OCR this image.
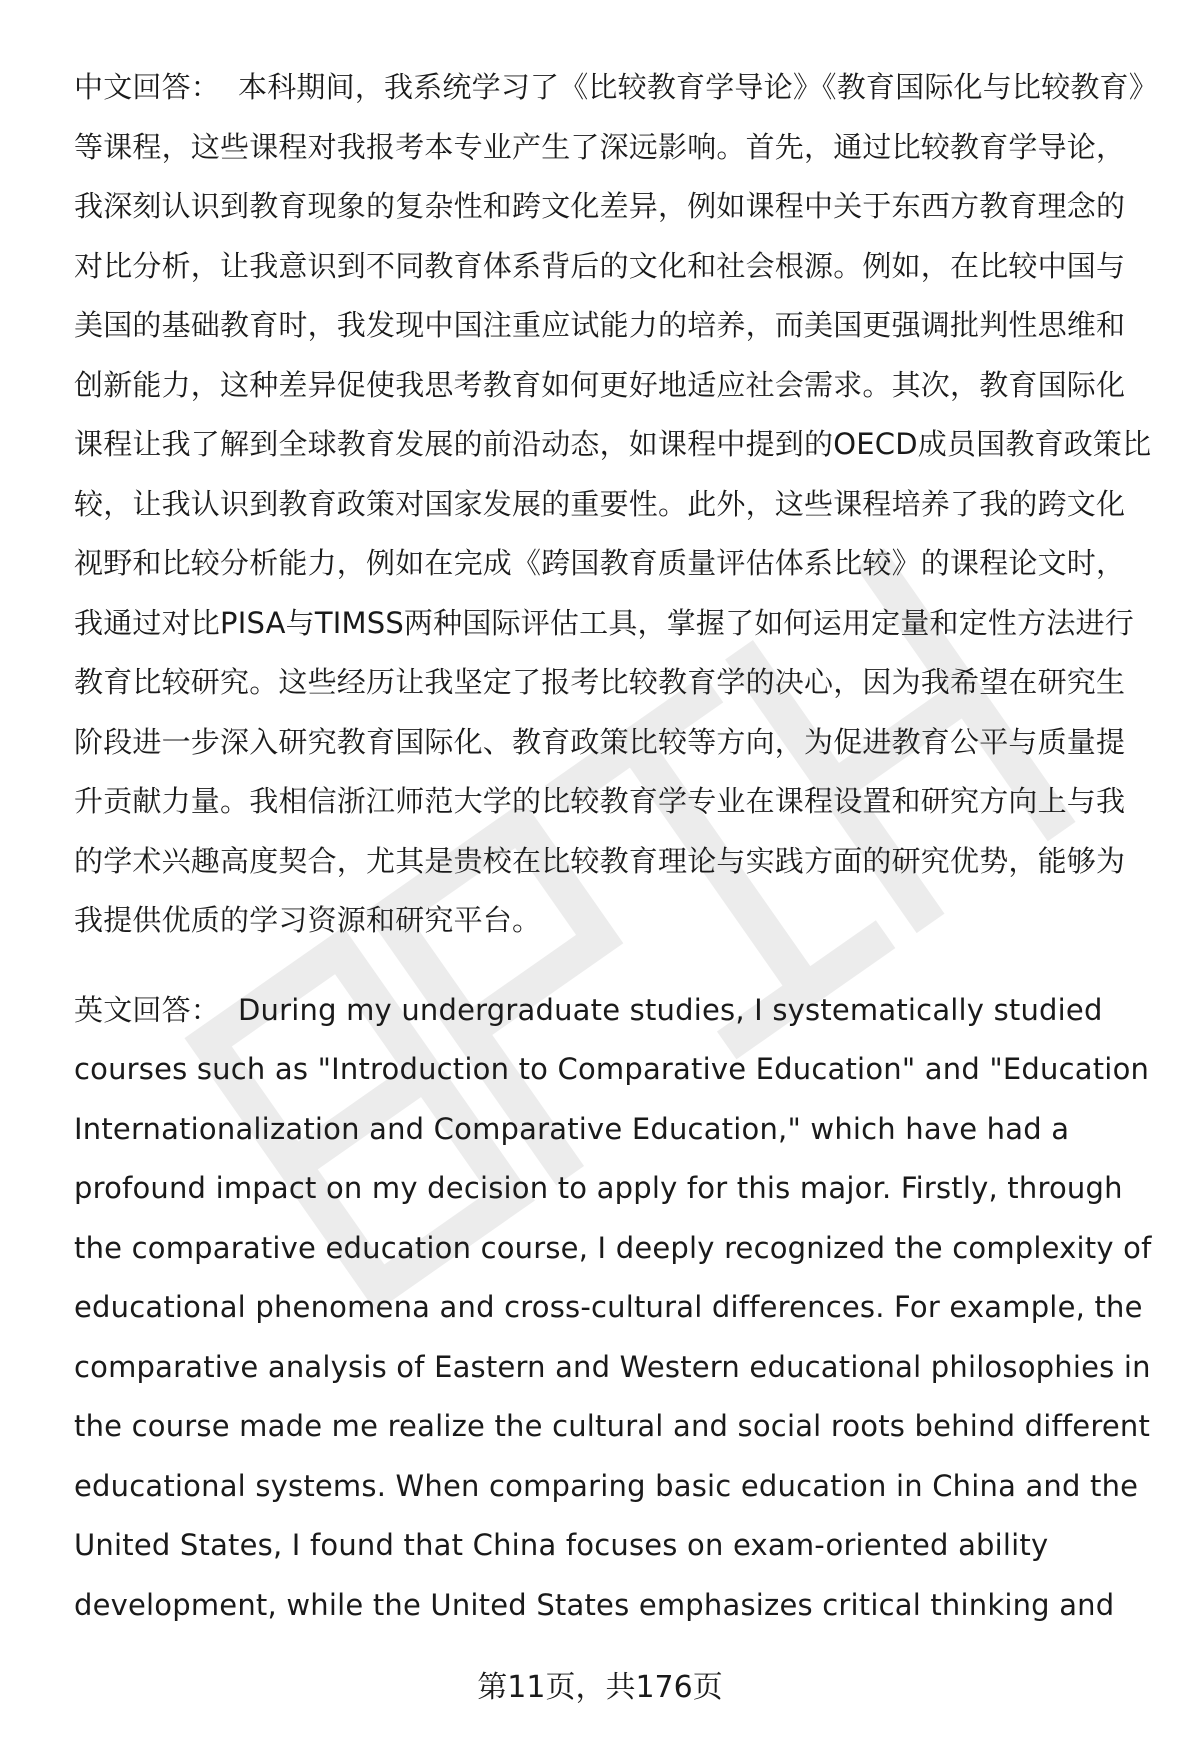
中文回答： 本科期间，我系统学习了《比较教育学导论》《教育国际化与比较教育》等课程，这些课程对我报考本专业产生了深远影响。首先，通过比较教育学导论，我深刻认识到教育现象的复杂性和跨文化差异，例如课程中关于东西方教育理念的对比分析，让我意识到不同教育体系背后的文化和社会根源。例如，在比较中国与美国的基础教育时，我发现中国注重应试能力的培养，而美国更强调批判性思维和创新能力，这种差异促使我思考教育如何更好地适应社会需求。其次，教育国际化课程让我了解到全球教育发展的前沿动态，如课程中提到的OECD成员国教育政策比较，让我认识到教育政策对国家发展的重要性。此外，这些课程培养了我的跨文化视野和比较分析能力，例如在完成《跨国教育质量评估体系比较》的课程论文时，我通过对比PISA与TIMSS两种国际评估工具，掌握了如何运用定量和定性方法进行教育比较研究。这些经历让我坚定了报考比较教育学的决心，因为我希望在研究生阶段进一步深入研究教育国际化、教育政策比较等方向，为促进教育公平与质量提升贡献力量。我相信浙江师范大学的比较教育学专业在课程设置和研究方向上与我的学术兴趣高度契合，尤其是贵校在比较教育理论与实践方面的研究优势，能够为我提供优质的学习资源和研究平台。

英文回答： During my undergraduate studies, I systematically studied courses such as "Introduction to Comparative Education" and "Education Internationalization and Comparative Education," which have had a profound impact on my decision to apply for this major. Firstly, through the comparative education course, I deeply recognized the complexity of educational phenomena and cross-cultural differences. For example, the comparative analysis of Eastern and Western educational philosophies in the course made me realize the cultural and social roots behind different educational systems. When comparing basic education in China and the United States, I found that China focuses on exam-oriented ability development, while the United States emphasizes critical thinking and

第11页，共176页
